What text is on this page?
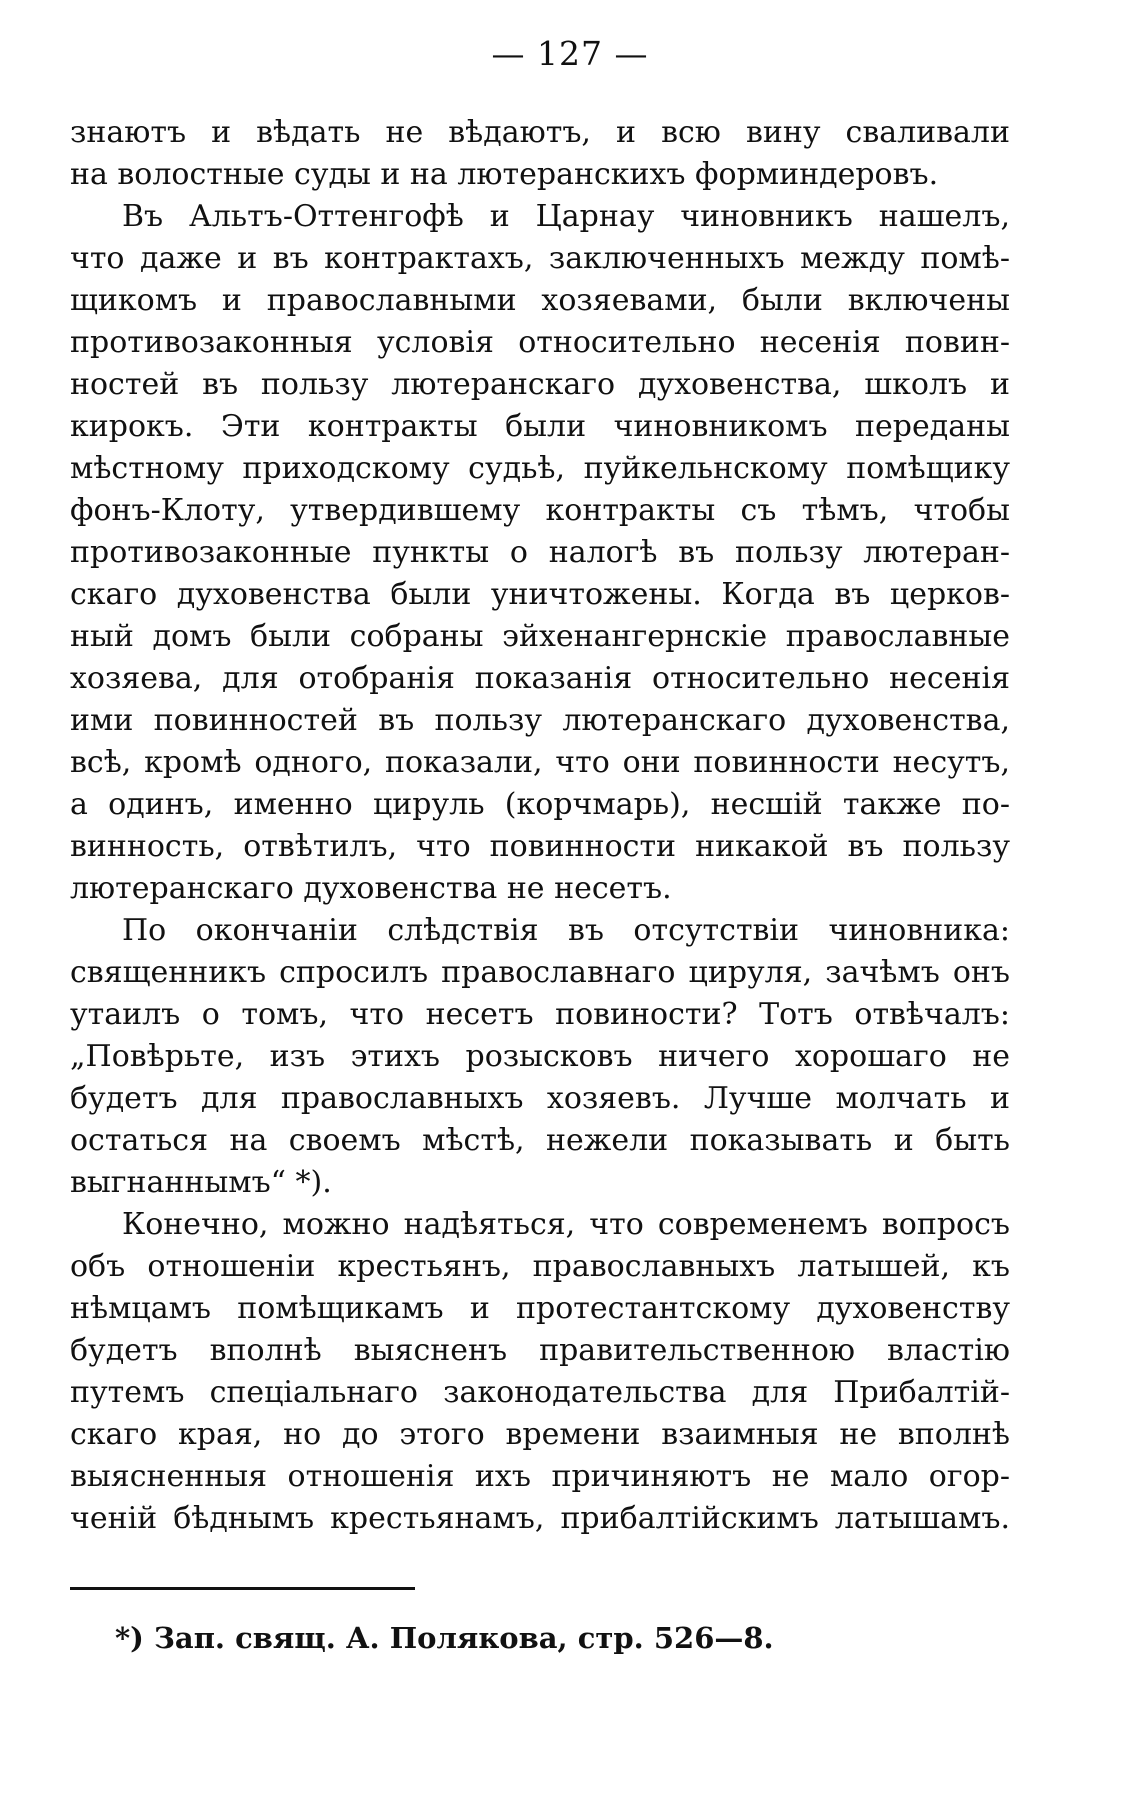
— 127 —
знаютъ и вѣдать не вѣдаютъ, и всю вину сваливали
на волостные суды и на лютеранскихъ форминдеровъ.
Въ Альтъ-Оттенгофѣ и Царнау чиновникъ нашелъ,
что даже и въ контрактахъ, заключенныхъ между помѣ-
щикомъ и православными хозяевами, были включены
противозаконныя условія относительно несенія повин-
ностей въ пользу лютеранскаго духовенства, школъ и
кирокъ. Эти контракты были чиновникомъ переданы
мѣстному приходскому судьѣ, пуйкельнскому помѣщику
фонъ-Клоту, утвердившему контракты съ тѣмъ, чтобы
противозаконные пункты о налогѣ въ пользу лютеран-
скаго духовенства были уничтожены. Когда въ церков-
ный домъ были собраны эйхенангернскіе православные
хозяева, для отобранія показанія относительно несенія
ими повинностей въ пользу лютеранскаго духовенства,
всѣ, кромѣ одного, показали, что они повинности несутъ,
а одинъ, именно цируль (корчмарь), несшій также по-
винность, отвѣтилъ, что повинности никакой въ пользу
лютеранскаго духовенства не несетъ.
По окончаніи слѣдствія въ отсутствіи чиновника:
священникъ спросилъ православнаго цируля, зачѣмъ онъ
утаилъ о томъ, что несетъ повиности? Тотъ отвѣчалъ:
„Повѣрьте, изъ этихъ розысковъ ничего хорошаго не
будетъ для православныхъ хозяевъ. Лучше молчать и
остаться на своемъ мѣстѣ, нежели показывать и быть
выгнаннымъ“ *).
Конечно, можно надѣяться, что современемъ вопросъ
объ отношеніи крестьянъ, православныхъ латышей, къ
нѣмцамъ помѣщикамъ и протестантскому духовенству
будетъ вполнѣ выясненъ правительственною властію
путемъ спеціальнаго законодательства для Прибалтій-
скаго края, но до этого времени взаимныя не вполнѣ
выясненныя отношенія ихъ причиняютъ не мало огор-
ченій бѣднымъ крестьянамъ, прибалтійскимъ латышамъ.
*) Зап. свящ. А. Полякова, стр. 526—8.
